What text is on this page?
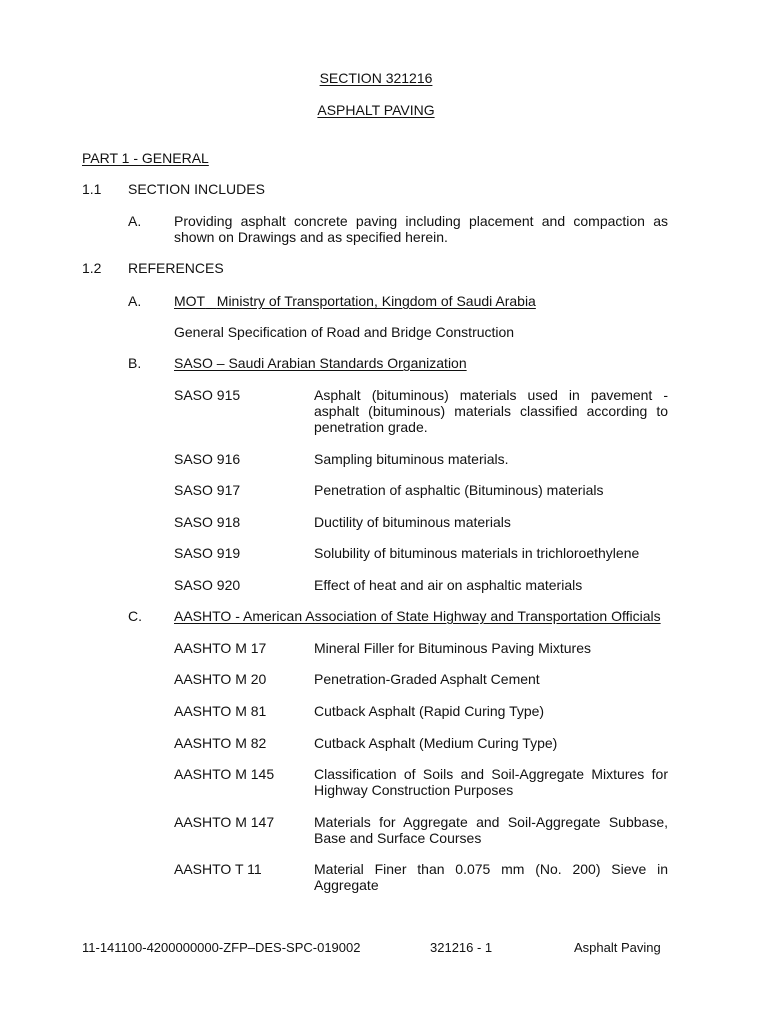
SECTION 321216
ASPHALT PAVING
PART 1 - GENERAL
1.1 SECTION INCLUDES
A. Providing asphalt concrete paving including placement and compaction as shown on Drawings and as specified herein.
1.2 REFERENCES
A. MOT Ministry of Transportation, Kingdom of Saudi Arabia
General Specification of Road and Bridge Construction
B. SASO – Saudi Arabian Standards Organization
SASO 915	Asphalt (bituminous) materials used in pavement - asphalt (bituminous) materials classified according to penetration grade.
SASO 916	Sampling bituminous materials.
SASO 917	Penetration of asphaltic (Bituminous) materials
SASO 918	Ductility of bituminous materials
SASO 919	Solubility of bituminous materials in trichloroethylene
SASO 920	Effect of heat and air on asphaltic materials
C. AASHTO - American Association of State Highway and Transportation Officials
AASHTO M 17	Mineral Filler for Bituminous Paving Mixtures
AASHTO M 20	Penetration-Graded Asphalt Cement
AASHTO M 81	Cutback Asphalt (Rapid Curing Type)
AASHTO M 82	Cutback Asphalt (Medium Curing Type)
AASHTO M 145	Classification of Soils and Soil-Aggregate Mixtures for Highway Construction Purposes
AASHTO M 147	Materials for Aggregate and Soil-Aggregate Subbase, Base and Surface Courses
AASHTO T 11	Material Finer than 0.075 mm (No. 200) Sieve in Aggregate
11-141100-4200000000-ZFP–DES-SPC-019002	321216 - 1	Asphalt Paving
